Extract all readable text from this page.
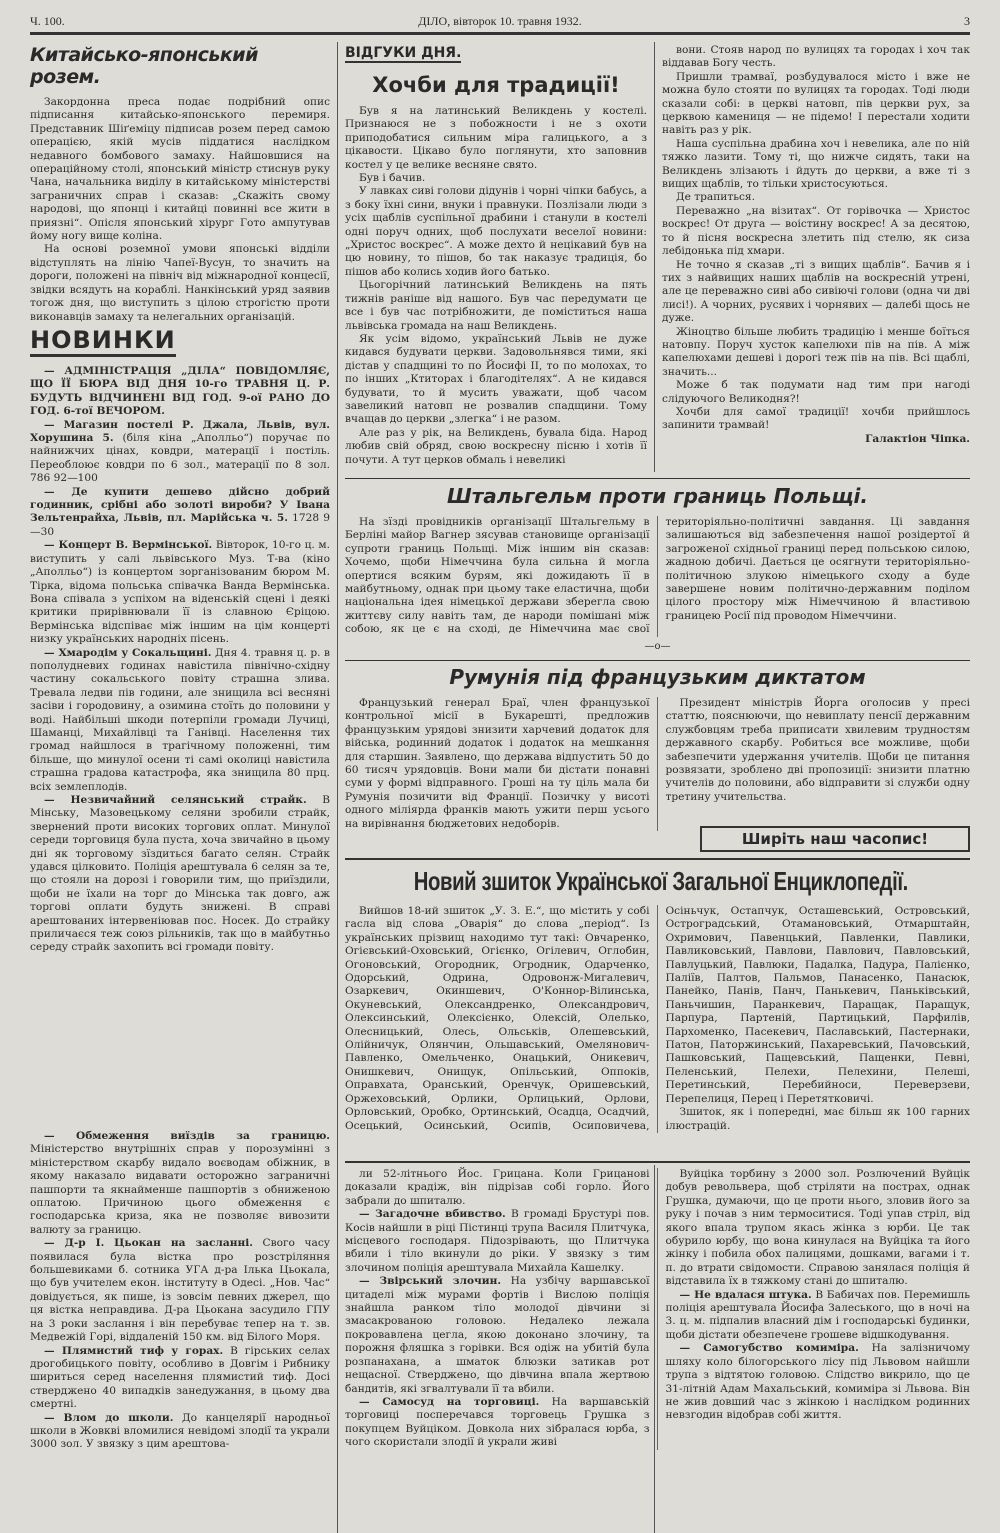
Ч. 100.	ДІЛО, вівторок 10. травня 1932.	3
Китайсько-японський розем.

Закордонна преса подає подрібний опис підписання китайсько-японського перемиря. Представник Шіґеміцу підписав розем перед самою операцією, якій мусів піддатися наслідком недавного бомбового замаху. Найшовшися на операційному столі, японський міністр стиснув руку Чана, начальника виділу в китайському міністерстві заграничних справ і сказав: „Скажіть свому народові, що японці і китайці повинні все жити в приязні“. Опісля японський хірург Гото ампутував йому ногу вище коліна.

На основі роземної умови японські відділи відступлять на лінію Чапеї-Вусун, то значить на дороги, положені на північ від міжнародної концесії, звідки всядуть на кораблі. Нанкінський уряд заявив тогож дня, що виступить з цілою строгістю проти виконавців замаху та нелегальних організацій.

НОВИНКИ

— АДМІНІСТРАЦІЯ „ДІЛА“ ПОВІДОМЛЯЄ, ЩО ЇЇ БЮРА ВІД ДНЯ 10-го ТРАВНЯ Ц. Р. БУДУТЬ ВІДЧИНЕНІ ВІД ГОД. 9-ої РАНО ДО ГОД. 6-тої ВЕЧОРОМ.

— Магазин постелі Р. Джала, Львів, вул. Хорушина 5. (біля кіна „Аполльо“) поручає по найнижчих цінах, ковдри, матерації і постіль. Переоблоює ковдри по 6 зол., матерації по 8 зол. 786 92—100

— Де купити дешево дійсно добрий годинник, срібні або золоті вироби? У Івана Зельтенрайха, Львів, пл. Марійська ч. 5. 1728 9—30

— Концерт В. Вермінської. Вівторок, 10-го ц. м. виступить у салі львівського Муз. Т-ва (кіно „Аполльо“) із концертом зорганізованим бюром М. Тірка, відома польська співачка Ванда Вермінська. Вона співала з успіхом на віденській сцені і деякі критики прирівнювали її із славною Єріцою. Вермінська відспіває між іншим на цім концерті низку українських народніх пісень.

— Хмародім у Сокальщині. Дня 4. травня ц. р. в пополудневих годинах навістила північно-східну частину сокальського повіту страшна злива. Тревала ледви пів години, але знищила всі весняні засіви і городовину, а озимина стоїть до половини у воді. Найбільші шкоди потерпіли громади Лучиці, Шаманці, Михайлівці та Ганівці. Населення тих громад найшлося в трагічному положенні, тим більше, що минулої осени ті самі околиці навістила страшна градова катастрофа, яка знищила 80 прц. всіх землеплодів.

— Незвичайний селянський страйк. В Мінську, Мазовецькому селяни зробили страйк, звернений проти високих торгових оплат. Минулої середи торговиця була пуста, хоча звичайно в цьому дні як торговому зїздиться багато селян. Страйк удався цілковито. Поліція арештувала 6 селян за те, що стояли на дорозі і говорили тим, що приїздили, щоби не їхали на торг до Мінська так довго, аж торгові оплати будуть знижені. В справі арештованих інтервеніював пос. Носек. До страйку приличаєся теж союз рільників, так що в майбутньо середу страйк захопить всі громади повіту.

— Обмеження виїздів за границю. Міністерство внутрішніх справ у порозумінні з міністерством скарбу видало воєводам обіжник, в якому наказало видавати осторожно заграничні пашпорти та якнайменше пашпортів з обниженою оплатою. Причиною цього обмеження є господарська криза, яка не позволяє вивозити валюту за границю.

— Д-р І. Цьокан на засланні. Свого часу появилася була вістка про розстріляння большевиками б. сотника УГА д-ра Ілька Цьокала, що був учителем екон. інституту в Одесі. „Нов. Час“ довідується, як пише, із зовсім певних джерел, що ця вістка неправдива. Д-ра Цьокана засудило ГПУ на 3 роки заслання і він перебуває тепер на т. зв. Медвежій Горі, віддаленій 150 км. від Білого Моря.

— Плямистий тиф у горах. В гірських селах дрогобицького повіту, особливо в Довгім і Рибнику шириться серед населення плямистий тиф. Досі стверджено 40 випадків занедужання, в цьому два смертні.

— Влом до школи. До канцелярії народньої школи в Жовкві вломилися невідомі злодії та украли 3000 зол. У звязку з цим арештова-

ВІДГУКИ ДНЯ.
Хочби для традиції!

Був я на латинський Великдень у костелі. Признаюся не з побожности і не з охоти приподобатися сильним міра галицького, а з цікавости. Цікаво було поглянути, хто заповнив костел у це велике весняне свято.

Був і бачив.

У лавках сиві голови дідунів і чорні чіпки бабусь, а з боку їхні сини, внуки і правнуки. Позлізали люди з усіх щаблів суспільної драбини і станули в костелі одні поруч одних, щоб послухати веселої новини: „Христос воскрес“. А може дехто й нецікавий був на цю новину, то пішов, бо так наказує традиція, бо пішов або колись ходив його батько.

Цьогорічний латинський Великдень на пять тижнів раніше від нашого. Був час передумати це все і був час потрібножити, де поміститься наша львівська громада на наш Великдень.

Як усім відомо, український Львів не дуже кидався будувати церкви. Задовольнявся тими, які дістав у спадщині то по Йосифі II, то по молохах, то по інших „Ктиторах і благодітелях“. А не кидався будувати, то й мусить уважати, щоб часом завеликий натовп не розвалив спадщини. Тому вчащав до церкви „злегка“ і не разом.

Але раз у рік, на Великдень, бувала біда. Народ любив свій обряд, свою воскресну пісню і хотів її почути. А тут церков обмаль і невеликі

вони. Стояв народ по вулицях та городах і хоч так віддавав Богу честь.

Пришли трамваї, розбудувалося місто і вже не можна було стояти по вулицях та городах. Тоді люди сказали собі: в церкві натовп, пів церкви рух, за церквою камениця — не підемо! І перестали ходити навіть раз у рік.

Наша суспільна драбина хоч і невелика, але по ній тяжко лазити. Тому ті, що нижче сидять, таки на Великдень злізають і йдуть до церкви, а вже ті з вищих щаблів, то тільки христосуються.

Де трапиться.

Переважно „на візитах“. От горівочка — Христос воскрес! От друга — воістину воскрес! А за десятою, то й пісня воскресна злетить під стелю, як сиза лебідонька під хмари.

Не точно я сказав „ті з вищих щаблів“. Бачив я і тих з найвищих наших щаблів на воскресній утрені, але це переважно сиві або сивіючі голови (одна чи дві лисі!). А чорних, русявих і чорнявих — далебі щось не дуже.

Жіноцтво більше любить традицію і менше боїться натовпу. Поруч хусток капелюхи пів на пів. А між капелюхами дешеві і дорогі теж пів на пів. Всі щаблі, значить...

Може б так подумати над тим при нагоді слідуючого Великодня?!

Хочби для самої традиції! хочби прийшлось запинити трамвай!

Галактіон Чіпка.

Штальгельм проти границь Польщі.

На зїзді провідників організації Штальгельму в Берліні майор Вагнер зясував становище організації супроти границь Польщі. Між іншим він сказав: Хочемо, щоби Німеччина була сильна й могла опертися всяким бурям, які дожидають її в майбутньому, однак при цьому таке еластична, щоби національна ідея німецької держави зберегла свою життєву силу навіть там, де народи помішані між собою, як це є на сході, де Німеччина має свої територіяльно-політичні завдання. Ці завдання залишаються від забезпечення нашої розідертої й загроженої східньої границі перед польською силою, жадною добичі. Дається це осягнути територіяльно-політичною злукою німецького сходу а буде завершене новим політично-державним поділом цілого простору між Німеччиною й властивою границею Росії під проводом Німеччини.

—o—
Румунія під французьким диктатом

Французький генерал Браї, член французької контрольної місії в Букарешті, предложив французьким урядові знизити харчевий додаток для війська, родинний додаток і додаток на мешкання для старшин. Заявлено, що держава відпустить 50 до 60 тисяч урядовців. Вони мали би дістати понавні суми у формі відправного. Гроші на ту ціль мала би Румунія позичити від Франції. Позичку у висоті одного міліярда франків мають ужити перш усього на вирівнання бюджетових недоборів.

Президент міністрів Йорга оголосив у пресі статтю, пояснюючи, що невиплату пенсії державним службовцям треба приписати хвилевим трудностям державного скарбу. Робиться все можливе, щоби забезпечити удержання учителів. Щоби це питання розвязати, зроблено дві пропозиції: знизити платню учителів до половини, або відправити зі служби одну третину учительства.

Ширіть наш часопис!
Новий зшиток Української Загальної Енциклопедії.

Вийшов 18-ий зшиток „У. З. Е.“, що містить у собі гасла від слова „Оварія“ до слова „період“. Із українських прізвищ находимо тут такі: Овчаренко, Огієвський-Оховський, Огієнко, Огілевич, Оглобин, Огоновський, Огородник, Огродник, Одарченко, Одорський, Одрина, Одровонж-Мигалевич, Озаркевич, Окиншевич, О'Коннор-Вілинська, Окуневський, Олександренко, Олександрович, Олексинський, Олексієнко, Олексій, Олелько, Олесницький, Олесь, Ольськів, Олешевський, Олійничук, Олянчин, Ольшавський, Омелянович-Павленко, Омельченко, Онацький, Оникевич, Онишкевич, Онищук, Опільський, Оппоків, Оправхата, Оранський, Оренчук, Оришевський, Оржеховський, Орлики, Орлицький, Орлови, Орловський, Оробко, Ортинський, Осадца, Осадчий, Осецький, Осинський, Осипів, Осиповичева, Осіньчук, Остапчук, Осташевський, Островський, Остроградський, Отамановський, Отмарштайн, Охримович, Павенцький, Павленки, Павлики, Павликовський, Павлови, Павлович, Павловський, Павлуцький, Павлюки, Падалка, Падура, Палієнко, Паліїв, Палтов, Пальмов, Панасенко, Панасюк, Панейко, Панів, Панч, Панькевич, Паньківський, Паньчишин, Паранкевич, Паращак, Паращук, Парпура, Партеній, Партицький, Парфилів, Пархоменко, Пасекевич, Паславський, Пастернаки, Патон, Паторжинський, Пахаревський, Пачовський, Пашковський, Пащевський, Пащенки, Певні, Пеленський, Пелехи, Пелехини, Пелеші, Перетинський, Перебийноси, Переверзеви, Перепелиця, Перец і Перетятковичі.

Зшиток, як і попередні, має більш як 100 гарних ілюстрацій.

ли 52-літнього Йос. Грицана. Коли Грицанові доказали крадіж, він підрізав собі горло. Його забрали до шпиталю.

— Загадочне вбивство. В громаді Брустурі пов. Косів найшли в ріці Пістинці трупа Василя Плитчука, місцевого господаря. Підозрівають, що Плитчука вбили і тіло вкинули до ріки. У звязку з тим злочином поліція арештувала Михайла Кашелку.

— Звірський злочин. На узбічу варшавської цитаделі між мурами фортів і Вислою поліція знайшла ранком тіло молодої дівчини зі змасакрованою головою. Недалеко лежала покровавлена цегла, якою доконано злочину, та порожня фляшка з горівки. Вся одіж на убитій була розпанахана, а шматок блюзки затикав рот нещасної. Стверджено, що дівчина впала жертвою бандитів, які згвалтували її та вбили.

— Самосуд на торговиці. На варшавській торговиці посперечався торговець Грушка з покупцем Вуйціком. Довкола них зібралася юрба, з чого скористали злодії й украли живі

Вуйціка торбину з 2000 зол. Розлючений Вуйцік добув револьвера, щоб стріляти на пострах, однак Грушка, думаючи, що це проти нього, зловив його за руку і почав з ним термоситися. Тоді упав стріл, від якого впала трупом якась жінка з юрби. Це так обурило юрбу, що вона кинулася на Вуйціка та його жінку і побила обох палицями, дошками, вагами і т. п. до втрати свідомости. Справою занялася поліція й відставила їх в тяжкому стані до шпиталю.

— Не вдалася штука. В Бабичах пов. Перемишль поліція арештувала Йосифа Залеського, що в ночі на 3. ц. м. підпалив власний дім і господарські будинки, щоби дістати обезпечене грошеве відшкодування.

— Самогубство комиміра. На залізничому шляху коло білогорського лісу під Львовом найшли трупа з відтятою головою. Слідство викрило, що це 31-літній Адам Махальський, комиміра зі Львова. Він не жив довший час з жінкою і наслідком родинних невзгодин відобрав собі життя.
